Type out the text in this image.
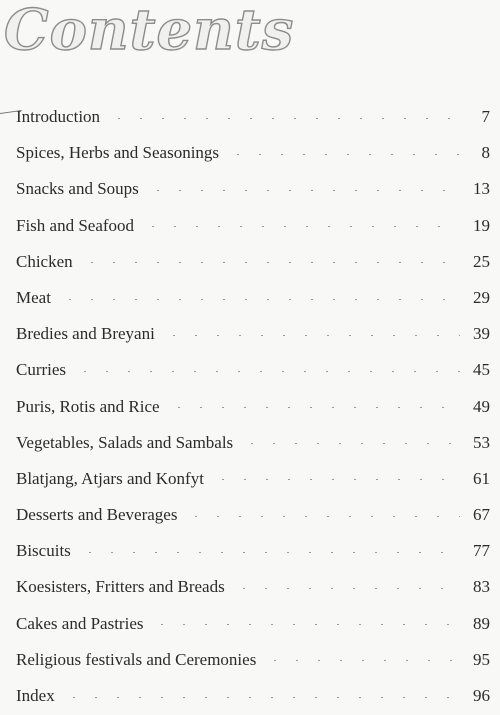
Contents
Introduction	7
Spices, Herbs and Seasonings	8
Snacks and Soups	13
Fish and Seafood	19
Chicken	25
Meat	29
Bredies and Breyani	39
Curries	45
Puris, Rotis and Rice	49
Vegetables, Salads and Sambals	53
Blatjang, Atjars and Konfyt	61
Desserts and Beverages	67
Biscuits	77
Koesisters, Fritters and Breads	83
Cakes and Pastries	89
Religious festivals and Ceremonies	95
Index	96
